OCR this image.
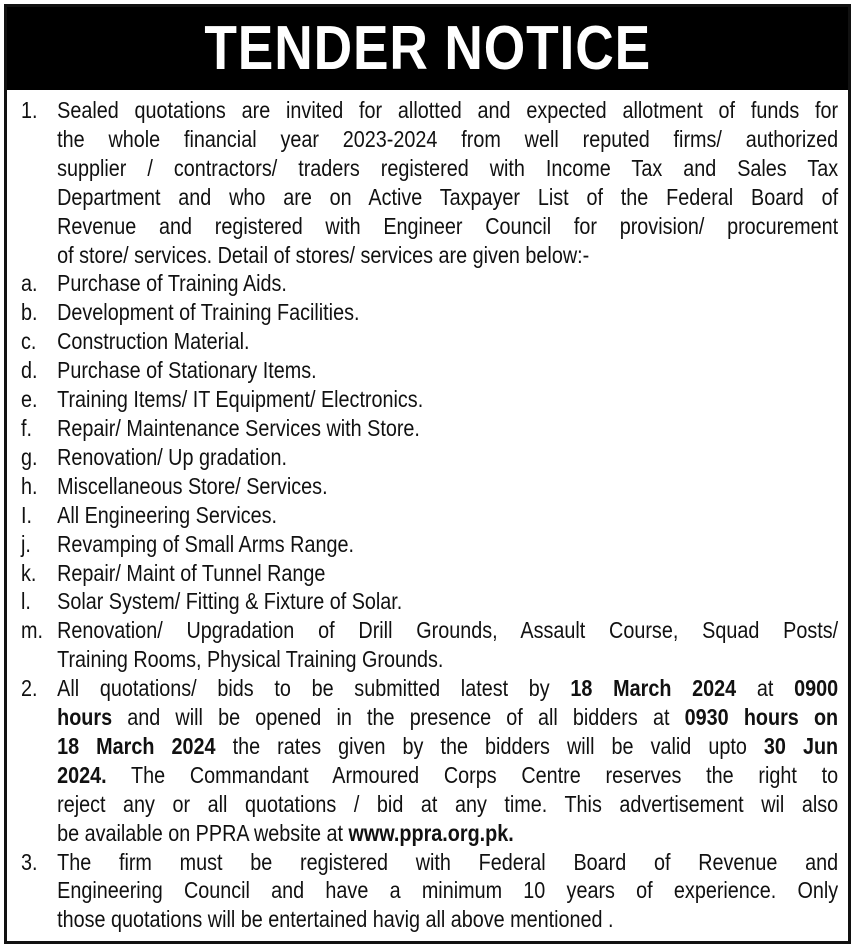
TENDER NOTICE
1. Sealed quotations are invited for allotted and expected allotment of funds for
the whole financial year 2023-2024 from well reputed firms/ authorized
supplier / contractors/ traders registered with Income Tax and Sales Tax
Department and who are on Active Taxpayer List of the Federal Board of
Revenue and registered with Engineer Council for provision/ procurement
of store/ services. Detail of stores/ services are given below:-
a. Purchase of Training Aids.
b. Development of Training Facilities.
c. Construction Material.
d. Purchase of Stationary Items.
e. Training Items/ IT Equipment/ Electronics.
f.	Repair/ Maintenance Services with Store.
g. Renovation/ Up gradation.
h. Miscellaneous Store/ Services.
I.	All Engineering Services.
j.	Revamping of Small Arms Range.
k. Repair/ Maint of Tunnel Range
l.	Solar System/ Fitting & Fixture of Solar.
m. Renovation/ Upgradation of Drill Grounds, Assault Course, Squad Posts/
Training Rooms, Physical Training Grounds.
2. All quotations/ bids to be submitted latest by 18 March 2024 at 0900
hours and will be opened in the presence of all bidders at 0930 hours on
18 March 2024 the rates given by the bidders will be valid upto 30 Jun
2024. The Commandant Armoured Corps Centre reserves the right to
reject any or all quotations / bid at any time. This advertisement wil also
be available on PPRA website at www.ppra.org.pk.
3. The firm must be registered with Federal Board of Revenue and
Engineering Council and have a minimum 10 years of experience. Only
those quotations will be entertained havig all above mentioned .
